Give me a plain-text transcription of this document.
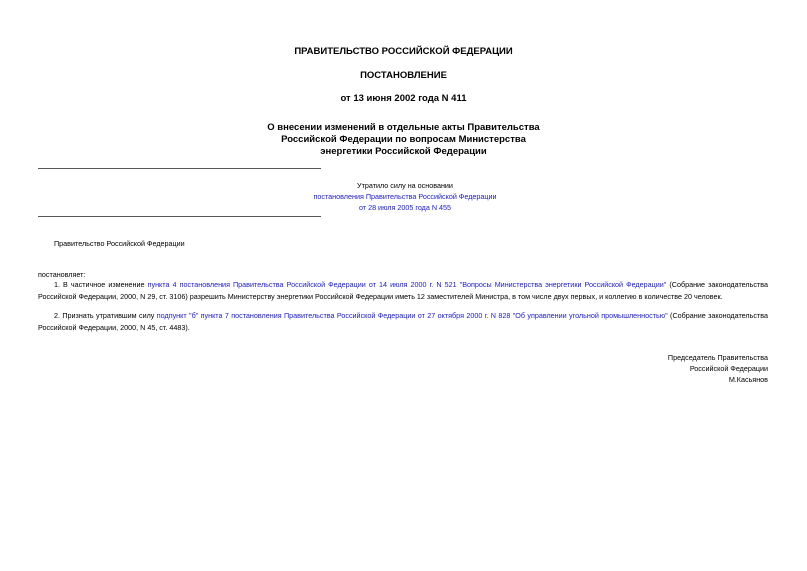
ПРАВИТЕЛЬСТВО РОССИЙСКОЙ ФЕДЕРАЦИИ
ПОСТАНОВЛЕНИЕ
от 13 июня 2002 года N 411
О внесении изменений в отдельные акты Правительства
Российской Федерации по вопросам Министерства
энергетики Российской Федерации
Утратило силу на основании
постановления Правительства Российской Федерации
от 28 июля 2005 года N 455
Правительство Российской Федерации
постановляет:
1. В частичное изменение пункта 4 постановления Правительства Российской Федерации от 14 июля 2000 г. N 521 "Вопросы Министерства энергетики Российской Федерации" (Собрание законодательства
Российской Федерации, 2000, N 29, ст. 3106) разрешить Министерству энергетики Российской Федерации иметь 12 заместителей Министра, в том числе двух первых, и коллегию в количестве 20 человек.
2. Признать утратившим силу подпункт "б" пункта 7 постановления Правительства Российской Федерации от 27 октября 2000 г. N 828 "Об управлении угольной промышленностью" (Собрание законодательства
Российской Федерации, 2000, N 45, ст. 4483).
Председатель Правительства
Российской Федерации
М.Касьянов
